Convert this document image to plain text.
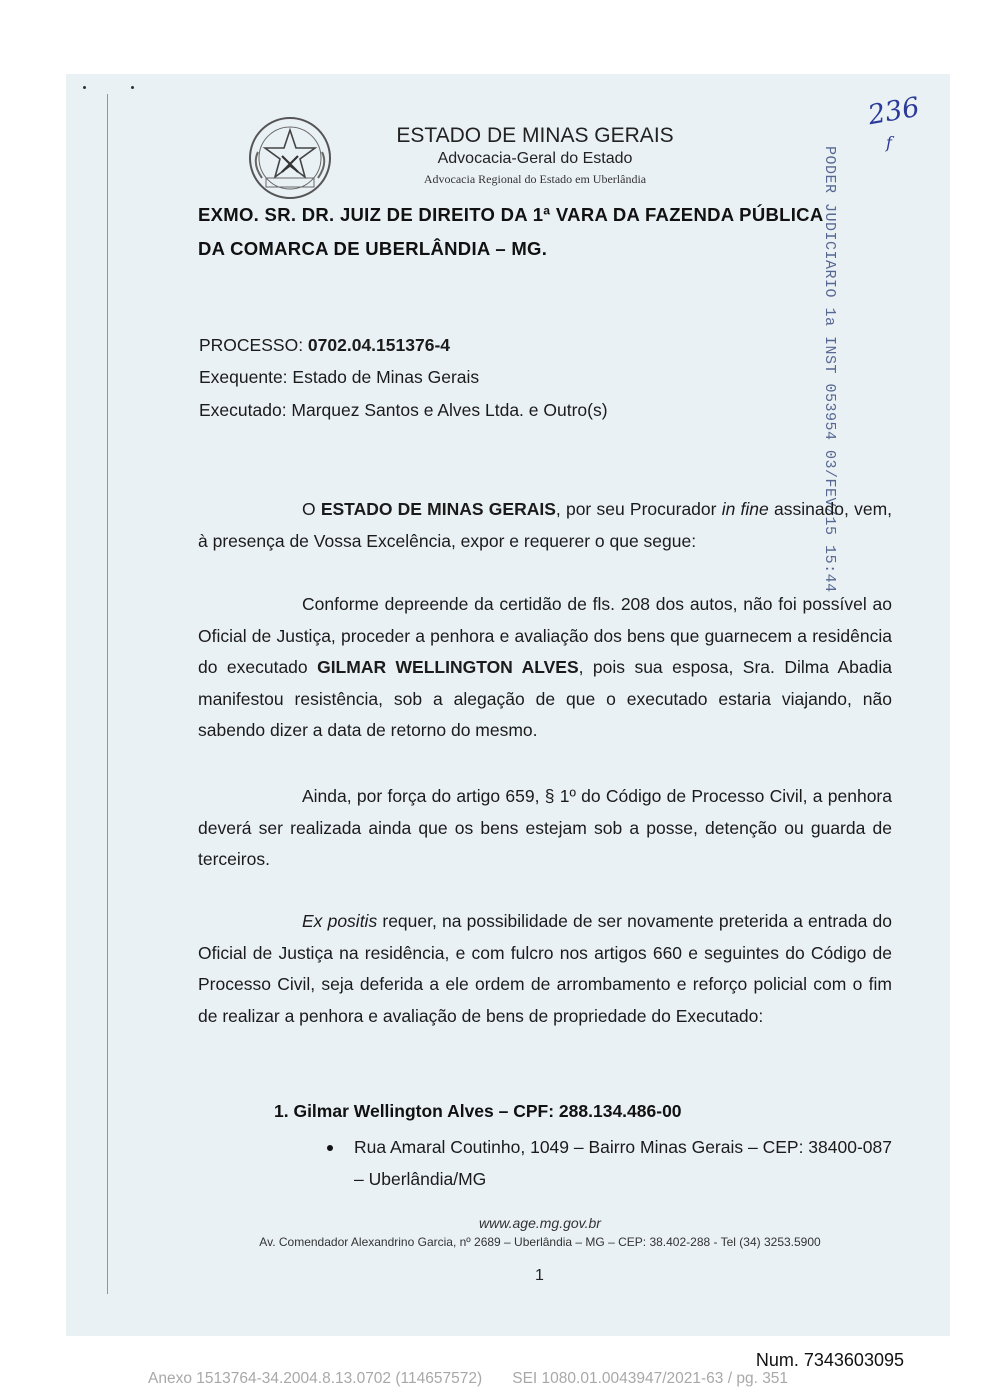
ESTADO DE MINAS GERAIS
Advocacia-Geral do Estado
Advocacia Regional do Estado em Uberlândia
236
f
PODER JUDICIARIO 1a INST 053954 03/FEV/15 15:44
EXMO. SR. DR. JUIZ DE DIREITO DA 1ª VARA DA FAZENDA PÚBLICA
DA COMARCA DE UBERLÂNDIA – MG.
PROCESSO: 0702.04.151376-4
Exequente: Estado de Minas Gerais
Executado: Marquez Santos e Alves Ltda. e Outro(s)
O ESTADO DE MINAS GERAIS, por seu Procurador in fine assinado, vem, à presença de Vossa Excelência, expor e requerer o que segue:
Conforme depreende da certidão de fls. 208 dos autos, não foi possível ao Oficial de Justiça, proceder a penhora e avaliação dos bens que guarnecem a residência do executado GILMAR WELLINGTON ALVES, pois sua esposa, Sra. Dilma Abadia manifestou resistência, sob a alegação de que o executado estaria viajando, não sabendo dizer a data de retorno do mesmo.
Ainda, por força do artigo 659, § 1º do Código de Processo Civil, a penhora deverá ser realizada ainda que os bens estejam sob a posse, detenção ou guarda de terceiros.
Ex positis requer, na possibilidade de ser novamente preterida a entrada do Oficial de Justiça na residência, e com fulcro nos artigos 660 e seguintes do Código de Processo Civil, seja deferida a ele ordem de arrombamento e reforço policial com o fim de realizar a penhora e avaliação de bens de propriedade do Executado:
1. Gilmar Wellington Alves – CPF: 288.134.486-00
Rua Amaral Coutinho, 1049 – Bairro Minas Gerais – CEP: 38400-087 – Uberlândia/MG
www.age.mg.gov.br
Av. Comendador Alexandrino Garcia, nº 2689 – Uberlândia – MG – CEP: 38.402-288 - Tel (34) 3253.5900
1
Num. 7343603095
Anexo 1513764-34.2004.8.13.0702 (114657572)       SEI 1080.01.0043947/2021-63 / pg. 351
